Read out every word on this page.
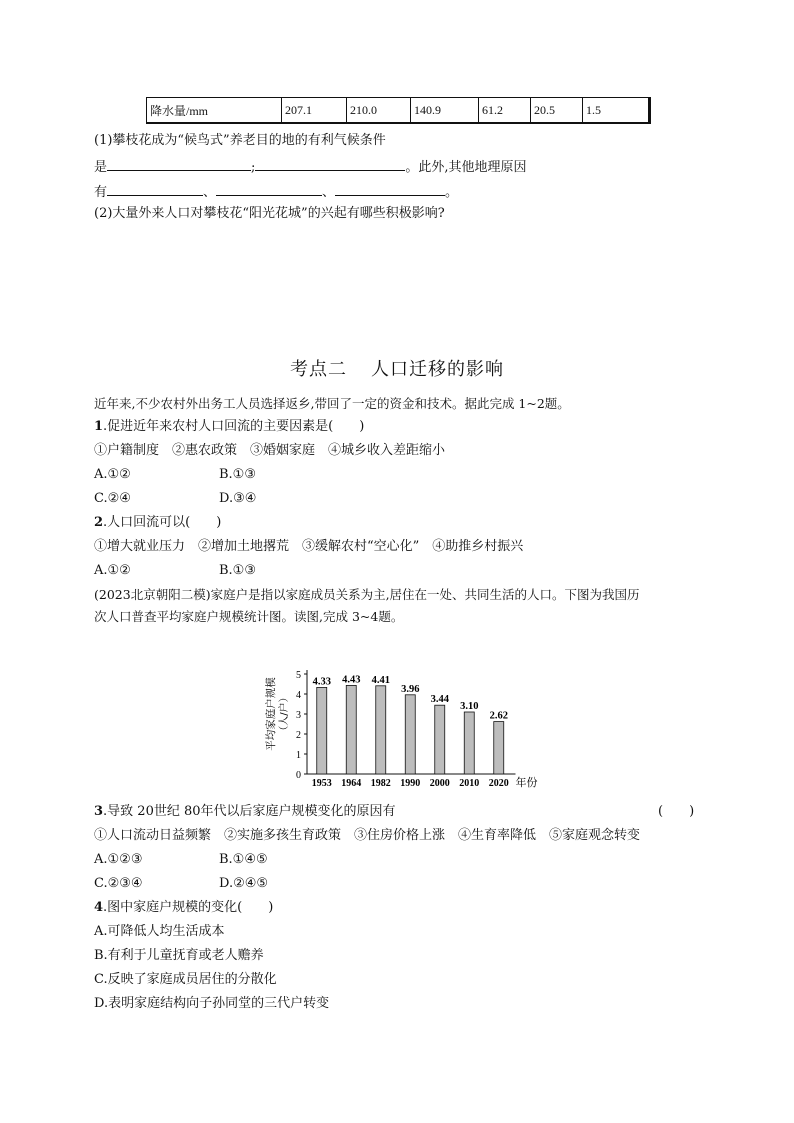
降水量/mm	207.1	210.0	140.9	61.2	20.5	1.5
(1)攀枝花成为“候鸟式”养老目的地的有利气候条件
是	;	。此外,其他地理原因
有	、	、	。
(2)大量外来人口对攀枝花“阳光花城”的兴起有哪些积极影响?
考点二 人口迁移的影响
近年来,不少农村外出务工人员选择返乡,带回了一定的资金和技术。据此完成 1~2题。
1.促进近年来农村人口回流的主要因素是(　　)
①户籍制度　②惠农政策　③婚姻家庭　④城乡收入差距缩小
A.①②	B.①③
C.②④	D.③④
2.人口回流可以(　　)
①增大就业压力　②增加土地撂荒　③缓解农村“空心化”　④助推乡村振兴
A.①②	B.①③
(2023北京朝阳二模)家庭户是指以家庭成员关系为主,居住在一处、共同生活的人口。下图为我国历
次人口普查平均家庭户规模统计图。读图,完成 3~4题。
0
1
2
3
4
5
4.33
1953
4.43
1964
4.41
1982
3.96
1990
3.44
2000
3.10
2010
2.62
2020 年份
平均家庭户规模 （人/户）
3.导致 20世纪 80年代以后家庭户规模变化的原因有	(　　)
①人口流动日益频繁　②实施多孩生育政策　③住房价格上涨　④生育率降低　⑤家庭观念转变
A.①②③	B.①④⑤
C.②③④	D.②④⑤
4.图中家庭户规模的变化(　　)
A.可降低人均生活成本
B.有利于儿童抚育或老人赡养
C.反映了家庭成员居住的分散化
D.表明家庭结构向子孙同堂的三代户转变
